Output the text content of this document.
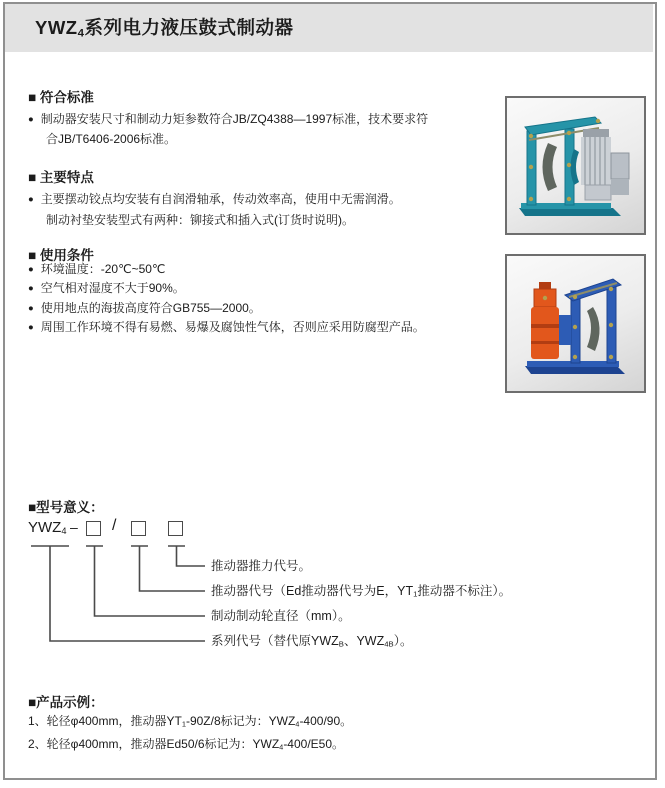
$YWZ_4$系列电力液压鼓式制动器
■ 符合标准
● 制动器安装尺寸和制动力矩参数符合JB/ZQ4388—1997标准，技术要求符
合JB/T6406-2006标准。
■ 主要特点
● 主要摆动铰点均安装有自润滑轴承，传动效率高，使用中无需润滑。
制动衬垫安装型式有两种：铆接式和插入式(订货时说明)。
■ 使用条件
● 环境温度：-20℃~50℃
● 空气相对湿度不大于90%。
● 使用地点的海拔高度符合GB755—2000。
● 周围工作环境不得有易燃、易爆及腐蚀性气体，否则应采用防腐型产品。
■型号意义：
$YWZ_4$ – /
推动器推力代号。
推动器代号（Ed推动器代号为E，$YT_1$推动器不标注）。
制动制动轮直径（mm）。
系列代号（替代原$YWZ_B$、$YWZ_{4B}$）。
■产品示例：
1、轮径φ400mm，推动器$YT_1-90Z/8$标记为：$YWZ_4-400/90$。
2、轮径φ400mm，推动器Ed50/6标记为：$YWZ_4-400/E50$。
